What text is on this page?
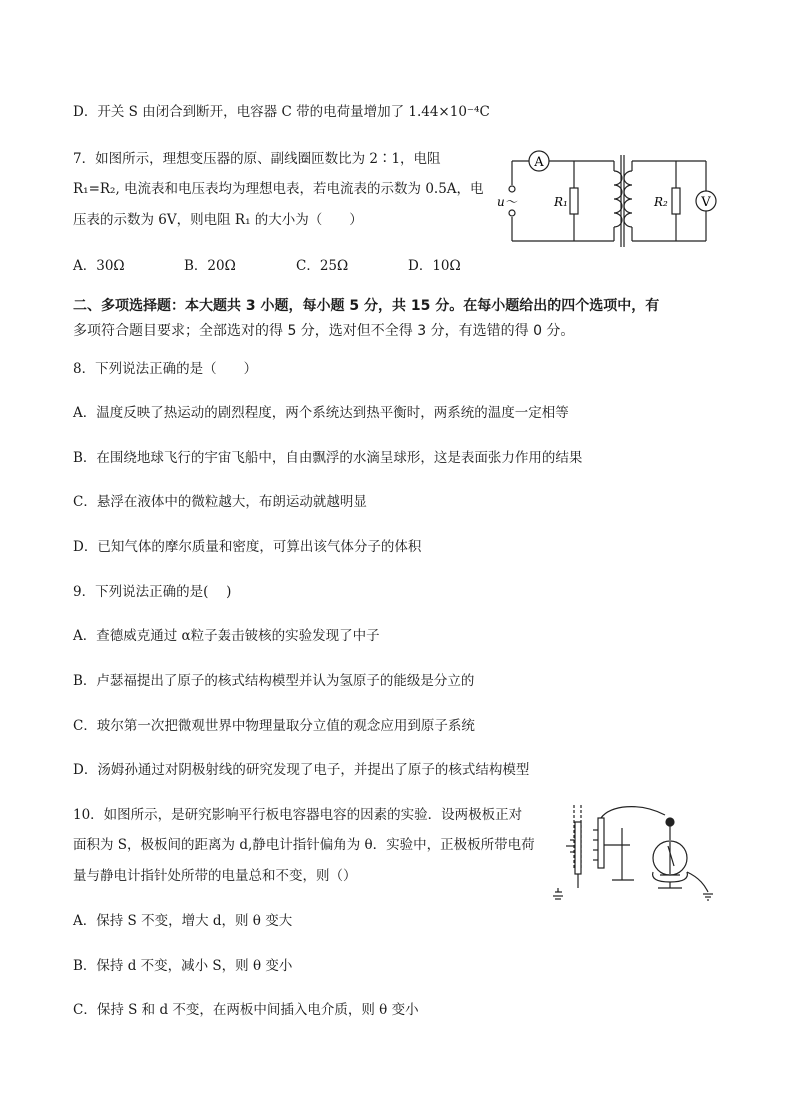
D．开关 S 由闭合到断开，电容器 C 带的电荷量增加了 1.44×10⁻⁴C
7．如图所示，理想变压器的原、副线圈匝数比为 2∶1，电阻
R₁=R₂, 电流表和电压表均为理想电表，若电流表的示数为 0.5A，电
压表的示数为 6V，则电阻 R₁ 的大小为（　　）
A
V
u～	R₁	R₂
A．30Ω	B．20Ω	C．25Ω	D．10Ω
二、多项选择题：本大题共 3 小题，每小题 5 分，共 15 分。在每小题给出的四个选项中，有
多项符合题目要求；全部选对的得 5 分，选对但不全得 3 分，有选错的得 0 分。
8．下列说法正确的是（　　）
A．温度反映了热运动的剧烈程度，两个系统达到热平衡时，两系统的温度一定相等
B．在围绕地球飞行的宇宙飞船中，自由飘浮的水滴呈球形，这是表面张力作用的结果
C．悬浮在液体中的微粒越大，布朗运动就越明显
D．已知气体的摩尔质量和密度，可算出该气体分子的体积
9．下列说法正确的是(　 )
A．查德威克通过 α粒子轰击铍核的实验发现了中子
B．卢瑟福提出了原子的核式结构模型并认为氢原子的能级是分立的
C．玻尔第一次把微观世界中物理量取分立值的观念应用到原子系统
D．汤姆孙通过对阴极射线的研究发现了电子，并提出了原子的核式结构模型
10．如图所示，是研究影响平行板电容器电容的因素的实验．设两极板正对
面积为 S，极板间的距离为 d,静电计指针偏角为 θ．实验中，正极板所带电荷
量与静电计指针处所带的电量总和不变，则（）
A．保持 S 不变，增大 d，则 θ 变大
B．保持 d 不变，减小 S，则 θ 变小
C．保持 S 和 d 不变，在两板中间插入电介质，则 θ 变小
